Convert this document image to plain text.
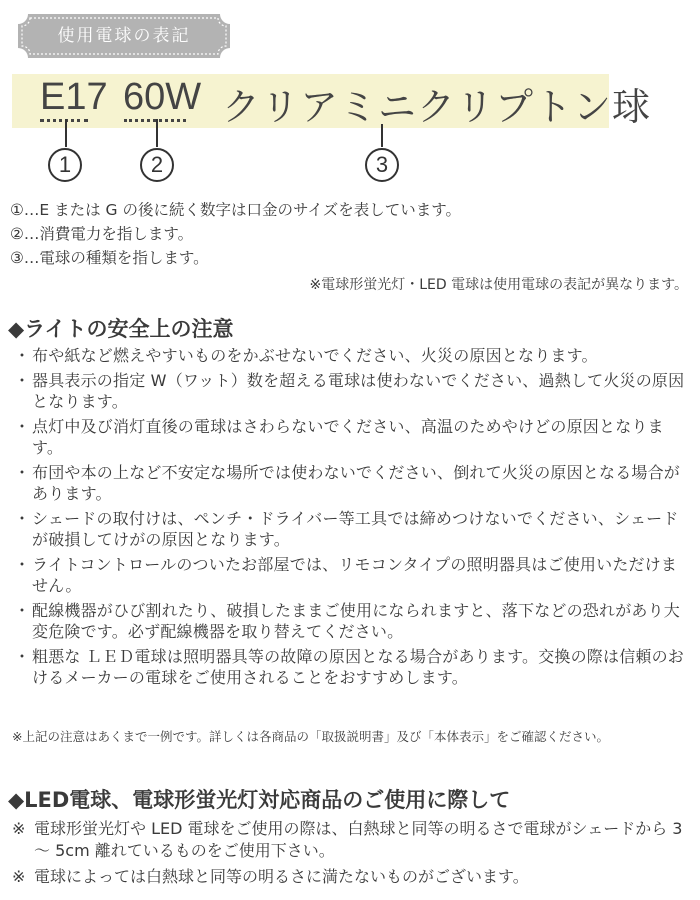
使用電球の表記
E17 60W クリアミニクリプトン球
1	2	3
①…E または G の後に続く数字は口金のサイズを表しています。
②…消費電力を指します。
③…電球の種類を指します。
※電球形蛍光灯・LED 電球は使用電球の表記が異なります。
◆ライトの安全上の注意
・ 布や紙など燃えやすいものをかぶせないでください、火災の原因となります。
・ 器具表示の指定 W（ワット）数を超える電球は使わないでください、過熱して火災の原因となります。
・ 点灯中及び消灯直後の電球はさわらないでください、高温のためやけどの原因となります。
・ 布団や本の上など不安定な場所では使わないでください、倒れて火災の原因となる場合があります。
・ シェードの取付けは、ペンチ・ドライバー等工具では締めつけないでください、シェードが破損してけがの原因となります。
・ ライトコントロールのついたお部屋では、リモコンタイプの照明器具はご使用いただけません。
・ 配線機器がひび割れたり、破損したままご使用になられますと、落下などの恐れがあり大変危険です。必ず配線機器を取り替えてください。
・ 粗悪な ＬＥＤ電球は照明器具等の故障の原因となる場合があります。交換の際は信頼のおけるメーカーの電球をご使用されることをおすすめします。
※上記の注意はあくまで一例です。詳しくは各商品の「取扱説明書」及び「本体表示」をご確認ください。
◆LED電球、電球形蛍光灯対応商品のご使用に際して
※ 電球形蛍光灯や LED 電球をご使用の際は、白熱球と同等の明るさで電球がシェードから 3 ～ 5cm 離れているものをご使用下さい。
※ 電球によっては白熱球と同等の明るさに満たないものがございます。
